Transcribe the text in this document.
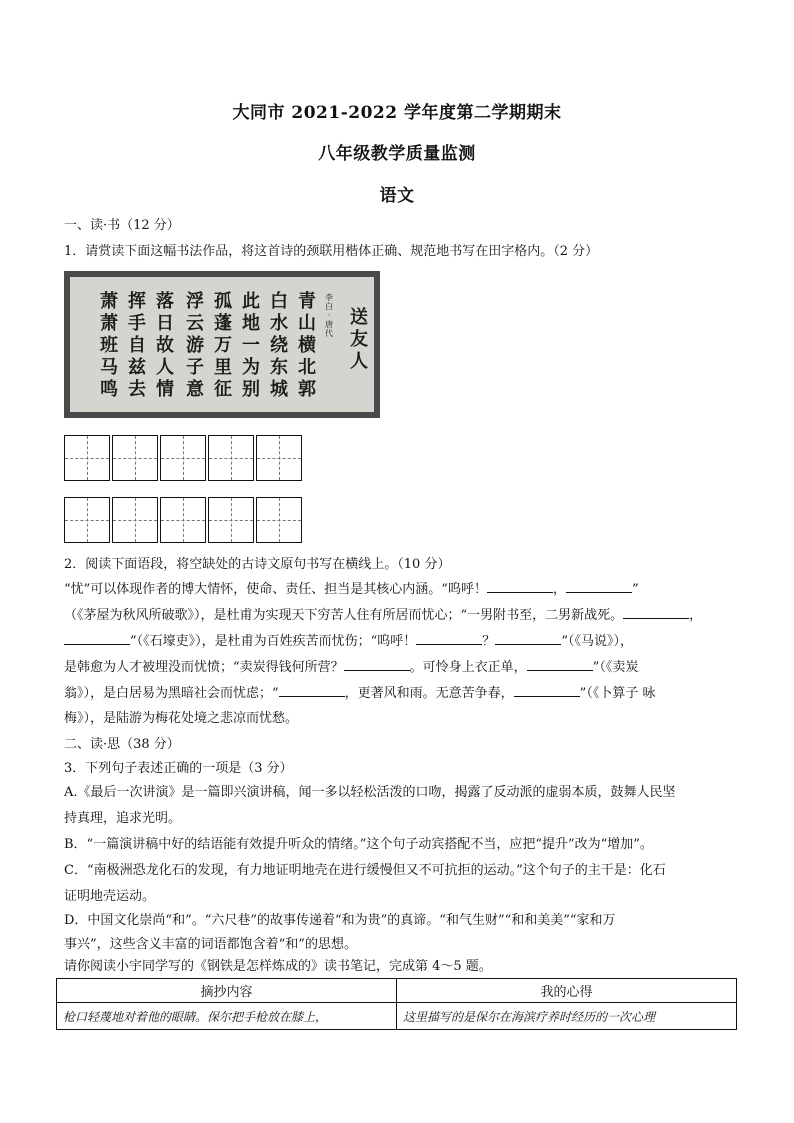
大同市 2021-2022 学年度第二学期期末
八年级教学质量监测
语文
一、读·书（12 分）
1．请赏读下面这幅书法作品，将这首诗的颈联用楷体正确、规范地书写在田字格内。（2 分）
送
友
人
青
山
横
北
郭
白
水
绕
东
城
此
地
一
为
别
孤
蓬
万
里
征
浮
云
游
子
意
落
日
故
人
情
挥
手
自
兹
去
萧
萧
班
马
鸣
李
白
·
唐
代
2．阅读下面语段，将空缺处的古诗文原句书写在横线上。（10 分）
“忧”可以体现作者的博大情怀，使命、责任、担当是其核心内涵。“呜呼！	，	”
（《茅屋为秋风所破歌》），是杜甫为实现天下穷苦人住有所居而忧心；“一男附书至，二男新战死。	，
”（《石壕吏》），是杜甫为百姓疾苦而忧伤；“呜呼！	？	”（《马说》），
是韩愈为人才被埋没而忧愤；“卖炭得钱何所营？	。可怜身上衣正单，	”（《卖炭
翁》），是白居易为黑暗社会而忧虑；“	，更著风和雨。无意苦争春，	”（《卜算子 咏
梅》），是陆游为梅花处境之悲凉而忧愁。
二、读·思（38 分）
3．下列句子表述正确的一项是（3 分）
A.《最后一次讲演》是一篇即兴演讲稿，闻一多以轻松活泼的口吻，揭露了反动派的虚弱本质，鼓舞人民坚
持真理，追求光明。
B．“一篇演讲稿中好的结语能有效提升听众的情绪。”这个句子动宾搭配不当，应把“提升”改为“增加”。
C．“南极洲恐龙化石的发现，有力地证明地壳在进行缓慢但又不可抗拒的运动。”这个句子的主干是：化石
证明地壳运动。
D．中国文化崇尚“和”。“六尺巷”的故事传递着“和为贵”的真谛。“和气生财”“和和美美”“家和万
事兴”，这些含义丰富的词语都饱含着“和”的思想。
请你阅读小宇同学写的《钢铁是怎样炼成的》读书笔记，完成第 4～5 题。
摘抄内容	我的心得
枪口轻蔑地对着他的眼睛。保尔把手枪放在膝上，	这里描写的是保尔在海滨疗养时经历的一次心理
